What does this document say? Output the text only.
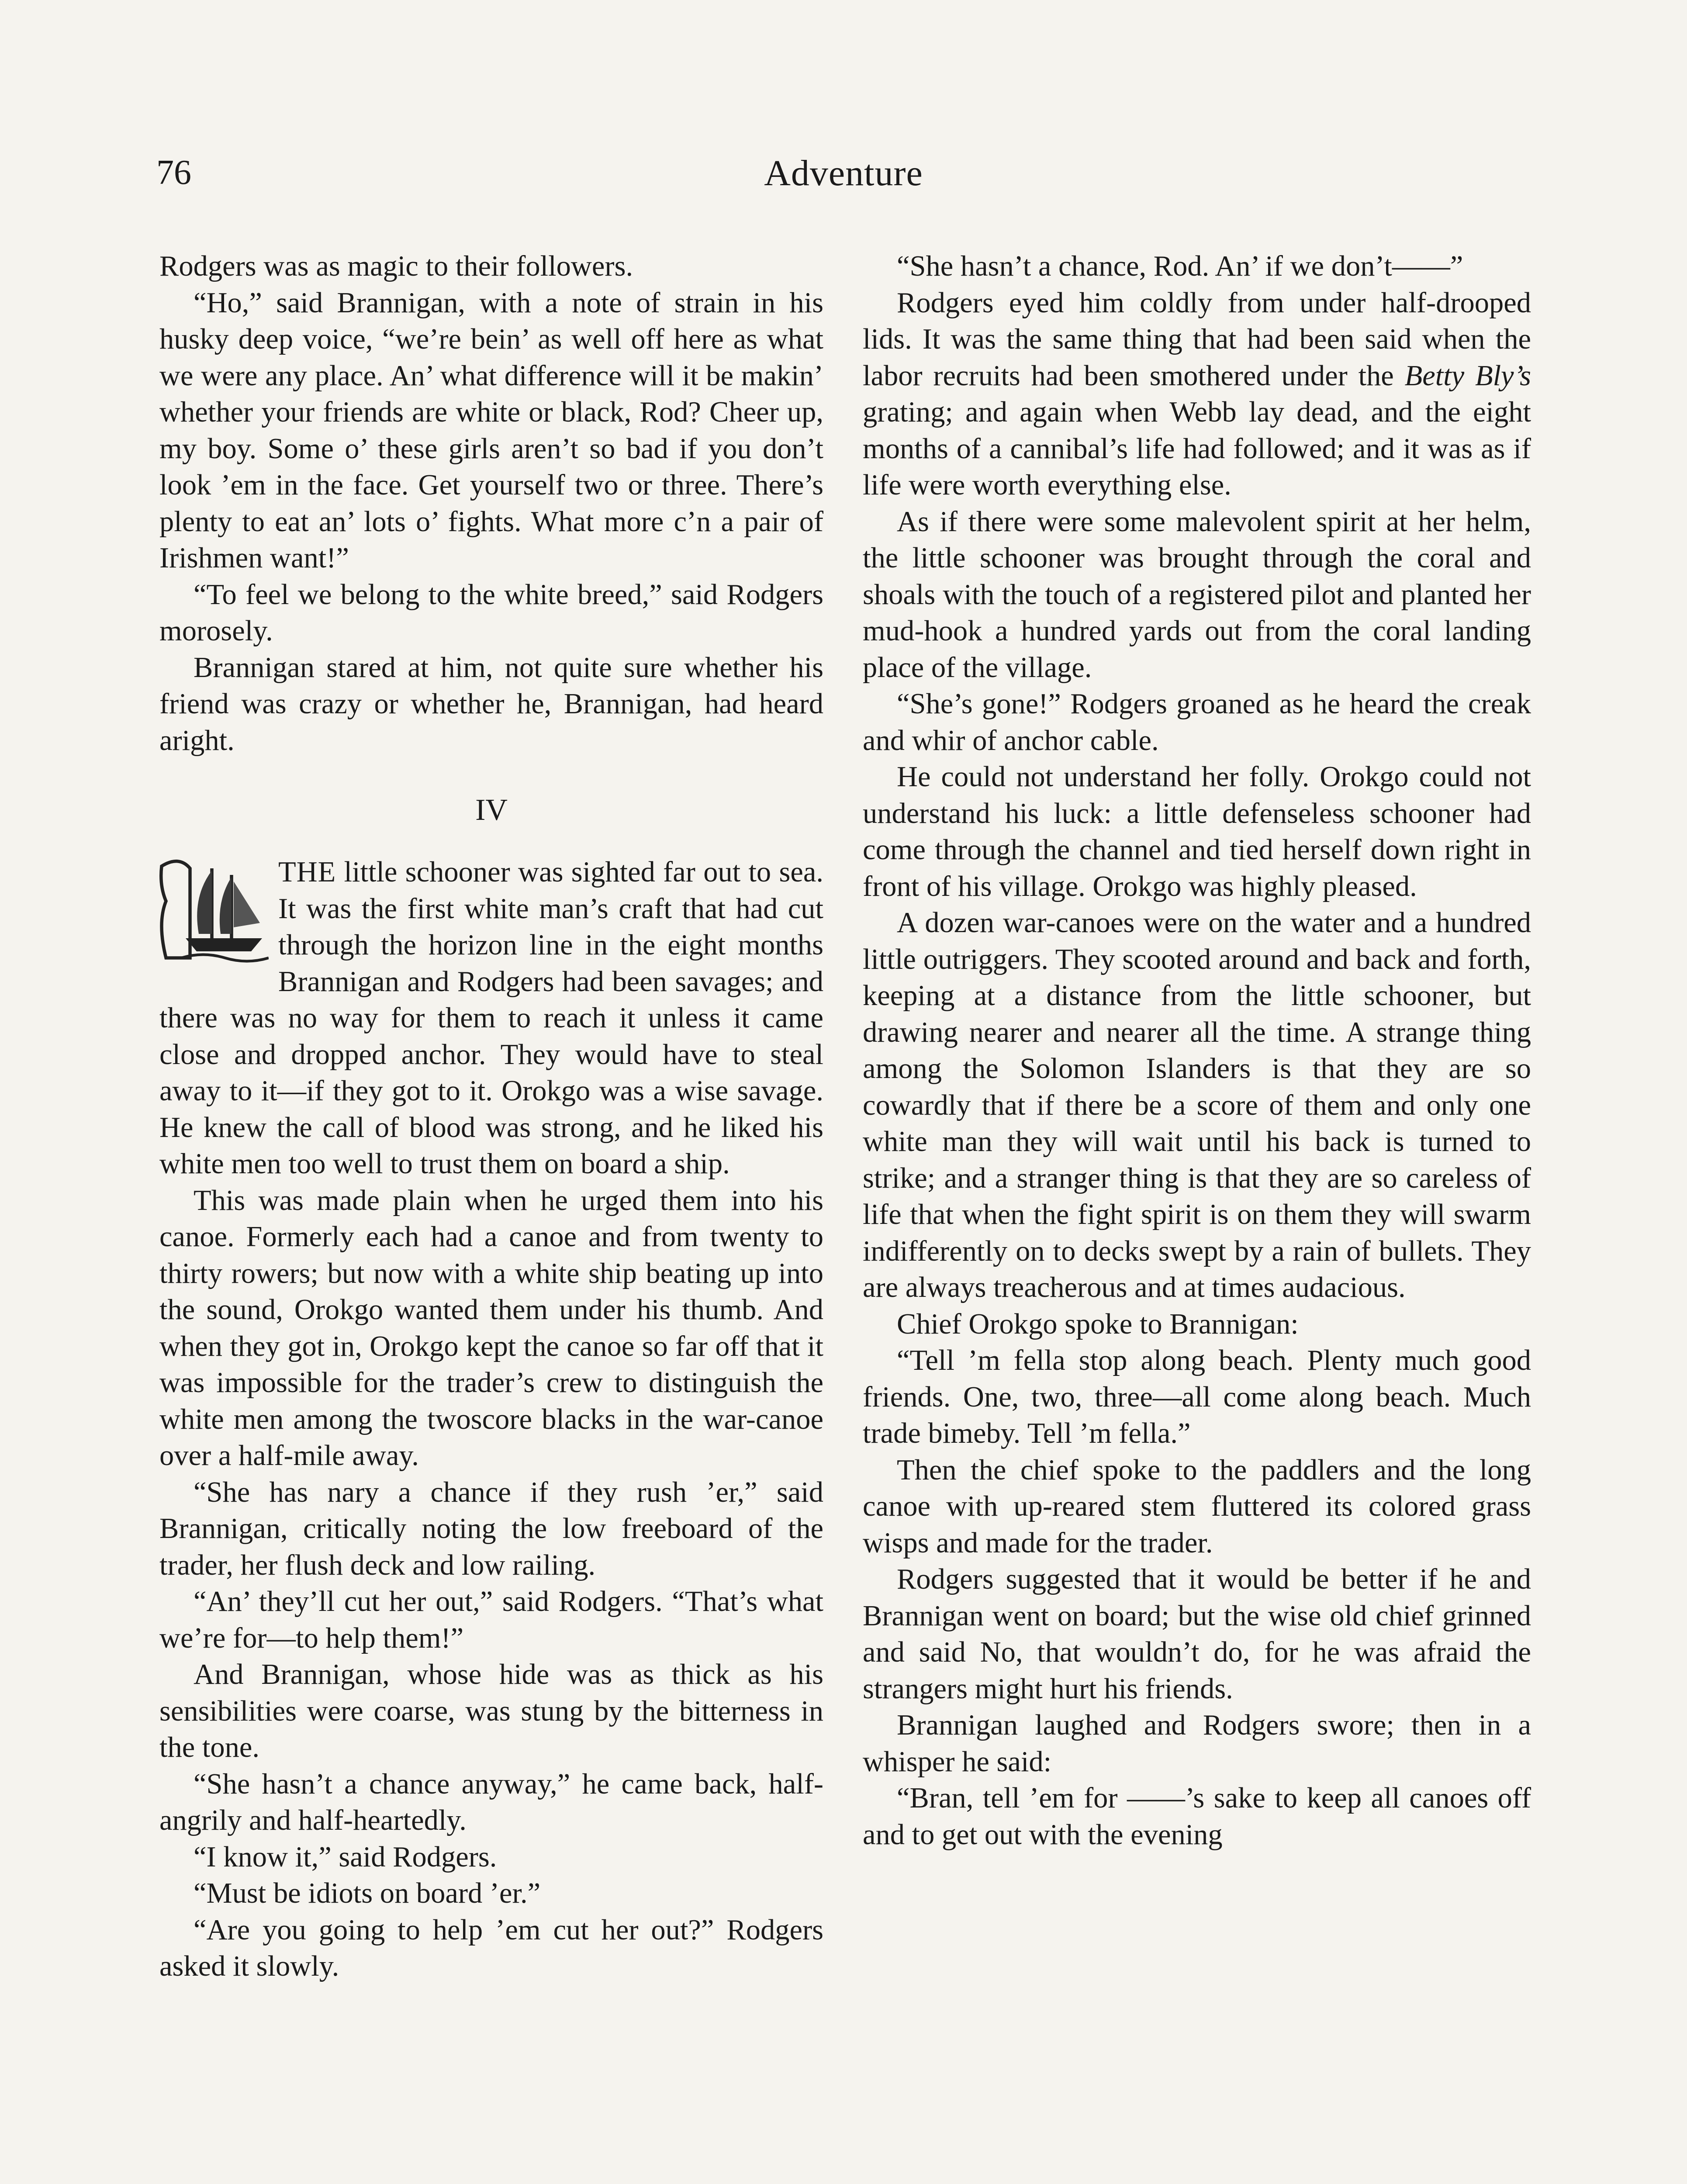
76	Adventure

Rodgers was as magic to their followers.

“Ho,” said Brannigan, with a note of strain in his husky deep voice, “we’re bein’ as well off here as what we were any place. An’ what difference will it be makin’ whether your friends are white or black, Rod? Cheer up, my boy. Some o’ these girls aren’t so bad if you don’t look ’em in the face. Get yourself two or three. There’s plenty to eat an’ lots o’ fights. What more c’n a pair of Irishmen want!”

“To feel we belong to the white breed,” said Rodgers morosely.

Brannigan stared at him, not quite sure whether his friend was crazy or whether he, Brannigan, had heard aright.

IV

THE little schooner was sighted far out to sea. It was the first white man’s craft that had cut through the horizon line in the eight months Brannigan and Rodgers had been savages; and there was no way for them to reach it unless it came close and dropped anchor. They would have to steal away to it—if they got to it. Orokgo was a wise savage. He knew the call of blood was strong, and he liked his white men too well to trust them on board a ship.

This was made plain when he urged them into his canoe. Formerly each had a canoe and from twenty to thirty rowers; but now with a white ship beating up into the sound, Orokgo wanted them under his thumb. And when they got in, Orokgo kept the canoe so far off that it was impossible for the trader’s crew to distinguish the white men among the twoscore blacks in the war-canoe over a half-mile away.

“She has nary a chance if they rush ’er,” said Brannigan, critically noting the low freeboard of the trader, her flush deck and low railing.

“An’ they’ll cut her out,” said Rodgers. “That’s what we’re for—to help them!”

And Brannigan, whose hide was as thick as his sensibilities were coarse, was stung by the bitterness in the tone.

“She hasn’t a chance anyway,” he came back, half-angrily and half-heartedly.

“I know it,” said Rodgers.

“Must be idiots on board ’er.”

“Are you going to help ’em cut her out?” Rodgers asked it slowly.

“She hasn’t a chance, Rod. An’ if we don’t——”

Rodgers eyed him coldly from under half-drooped lids. It was the same thing that had been said when the labor recruits had been smothered under the Betty Bly’s grating; and again when Webb lay dead, and the eight months of a cannibal’s life had followed; and it was as if life were worth everything else.

As if there were some malevolent spirit at her helm, the little schooner was brought through the coral and shoals with the touch of a registered pilot and planted her mud-hook a hundred yards out from the coral landing place of the village.

“She’s gone!” Rodgers groaned as he heard the creak and whir of anchor cable.

He could not understand her folly. Orokgo could not understand his luck: a little defenseless schooner had come through the channel and tied herself down right in front of his village. Orokgo was highly pleased.

A dozen war-canoes were on the water and a hundred little outriggers. They scooted around and back and forth, keeping at a distance from the little schooner, but drawing nearer and nearer all the time. A strange thing among the Solomon Islanders is that they are so cowardly that if there be a score of them and only one white man they will wait until his back is turned to strike; and a stranger thing is that they are so careless of life that when the fight spirit is on them they will swarm indifferently on to decks swept by a rain of bullets. They are always treacherous and at times audacious.

Chief Orokgo spoke to Brannigan:

“Tell ’m fella stop along beach. Plenty much good friends. One, two, three—all come along beach. Much trade bimeby. Tell ’m fella.”

Then the chief spoke to the paddlers and the long canoe with up-reared stem fluttered its colored grass wisps and made for the trader.

Rodgers suggested that it would be better if he and Brannigan went on board; but the wise old chief grinned and said No, that wouldn’t do, for he was afraid the strangers might hurt his friends.

Brannigan laughed and Rodgers swore; then in a whisper he said:

“Bran, tell ’em for ——’s sake to keep all canoes off and to get out with the evening
